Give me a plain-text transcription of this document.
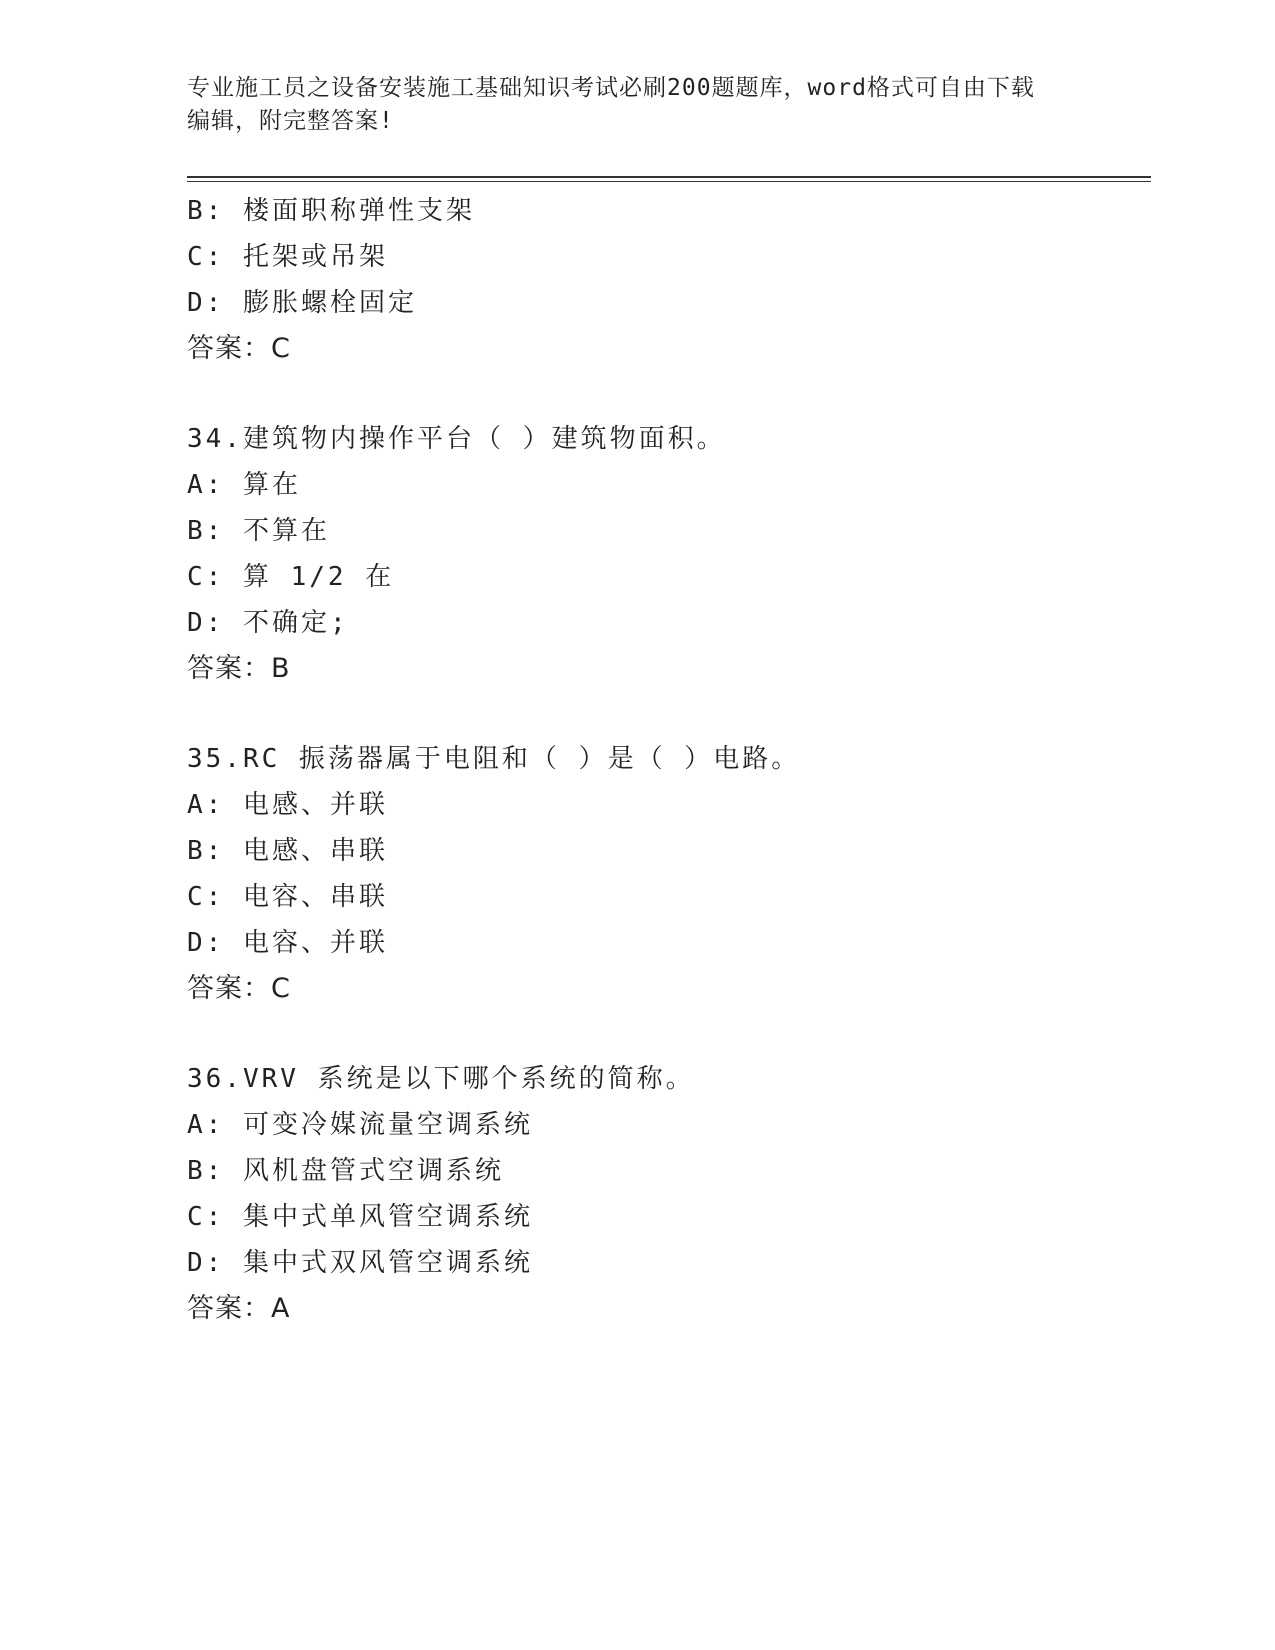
专业施工员之设备安装施工基础知识考试必刷200题题库，word格式可自由下载
编辑，附完整答案!
B: 楼面职称弹性支架
C: 托架或吊架
D: 膨胀螺栓固定
答案：C
34.建筑物内操作平台（ ）建筑物面积。
A: 算在
B: 不算在
C: 算 1/2 在
D: 不确定;
答案：B
35.RC 振荡器属于电阻和（ ）是（ ）电路。
A: 电感、并联
B: 电感、串联
C: 电容、串联
D: 电容、并联
答案：C
36.VRV 系统是以下哪个系统的简称。
A: 可变冷媒流量空调系统
B: 风机盘管式空调系统
C: 集中式单风管空调系统
D: 集中式双风管空调系统
答案：A
